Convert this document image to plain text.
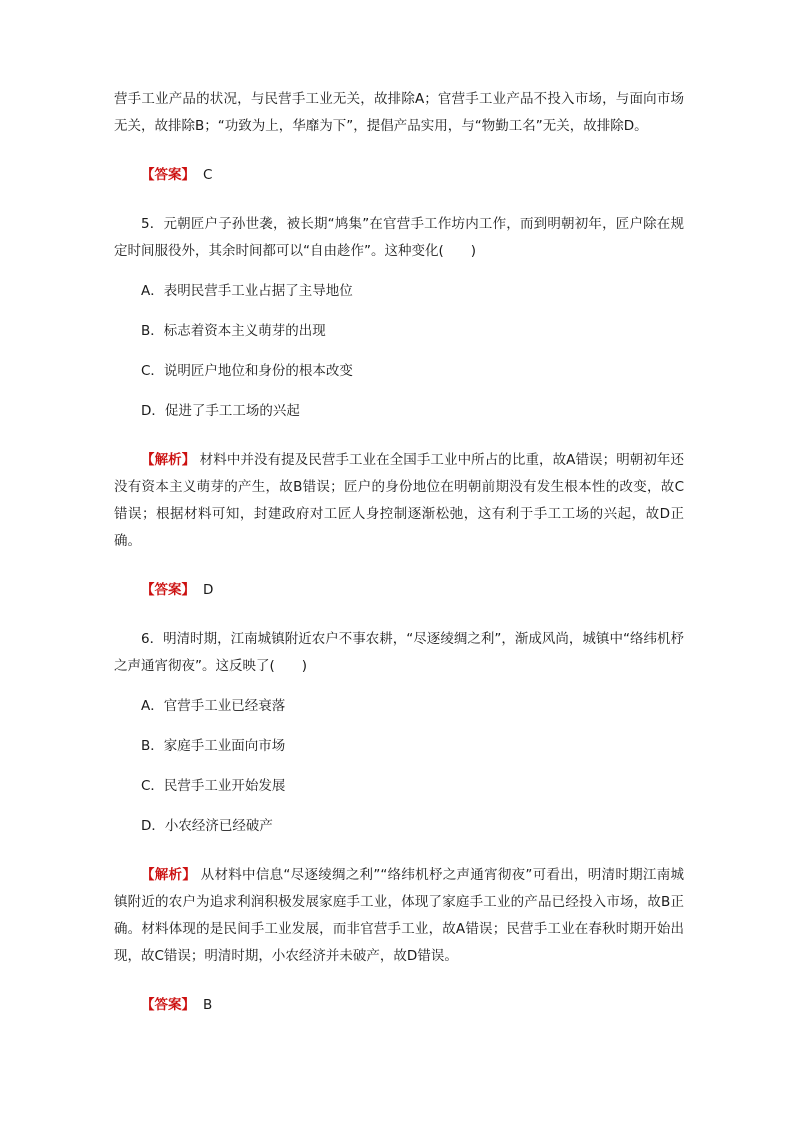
营手工业产品的状况，与民营手工业无关，故排除A；官营手工业产品不投入市场，与面向市场无关，故排除B；“功致为上，华靡为下”，提倡产品实用，与“物勤工名”无关，故排除D。

【答案】 C

5．元朝匠户子孙世袭，被长期“鸠集”在官营手工作坊内工作，而到明朝初年，匠户除在规定时间服役外，其余时间都可以“自由趁作”。这种变化(　　)

A．表明民营手工业占据了主导地位

B．标志着资本主义萌芽的出现

C．说明匠户地位和身份的根本改变

D．促进了手工工场的兴起

【解析】 材料中并没有提及民营手工业在全国手工业中所占的比重，故A错误；明朝初年还没有资本主义萌芽的产生，故B错误；匠户的身份地位在明朝前期没有发生根本性的改变，故C错误；根据材料可知，封建政府对工匠人身控制逐渐松弛，这有利于手工工场的兴起，故D正确。

【答案】 D

6．明清时期，江南城镇附近农户不事农耕，“尽逐绫绸之利”，渐成风尚，城镇中“络纬机杼之声通宵彻夜”。这反映了(　　)

A．官营手工业已经衰落

B．家庭手工业面向市场

C．民营手工业开始发展

D．小农经济已经破产

【解析】 从材料中信息“尽逐绫绸之利”“络纬机杼之声通宵彻夜”可看出，明清时期江南城镇附近的农户为追求利润积极发展家庭手工业，体现了家庭手工业的产品已经投入市场，故B正确。材料体现的是民间手工业发展，而非官营手工业，故A错误；民营手工业在春秋时期开始出现，故C错误；明清时期，小农经济并未破产，故D错误。

【答案】 B
